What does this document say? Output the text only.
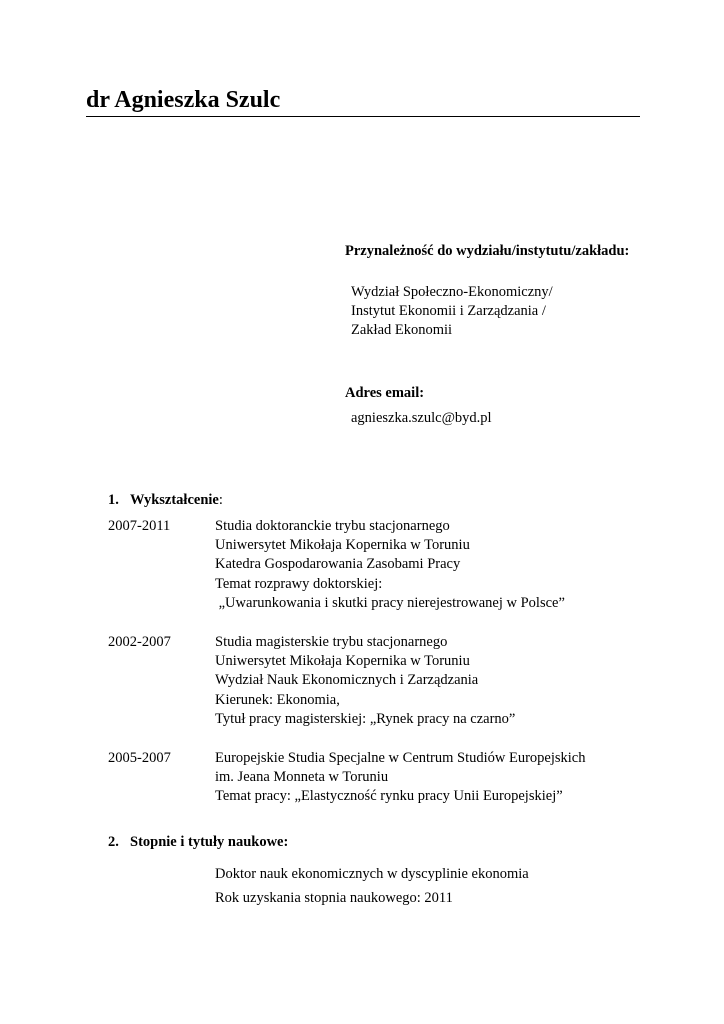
dr Agnieszka Szulc
Przynależność do wydziału/instytutu/zakładu:
Wydział Społeczno-Ekonomiczny/
Instytut Ekonomii i Zarządzania /
Zakład Ekonomii
Adres email:
agnieszka.szulc@byd.pl
1. Wykształcenie:
2007-2011	Studia doktoranckie trybu stacjonarnego
Uniwersytet Mikołaja Kopernika w Toruniu
Katedra Gospodarowania Zasobami Pracy
Temat rozprawy doktorskiej:
„Uwarunkowania i skutki pracy nierejestrowanej w Polsce”
2002-2007	Studia magisterskie trybu stacjonarnego
Uniwersytet Mikołaja Kopernika w Toruniu
Wydział Nauk Ekonomicznych i Zarządzania
Kierunek: Ekonomia,
Tytuł pracy magisterskiej: „Rynek pracy na czarno”
2005-2007	Europejskie Studia Specjalne w Centrum Studiów Europejskich
im. Jeana Monneta w Toruniu
Temat pracy: „Elastyczność rynku pracy Unii Europejskiej”
2. Stopnie i tytuły naukowe:
Doktor nauk ekonomicznych w dyscyplinie ekonomia
Rok uzyskania stopnia naukowego: 2011
